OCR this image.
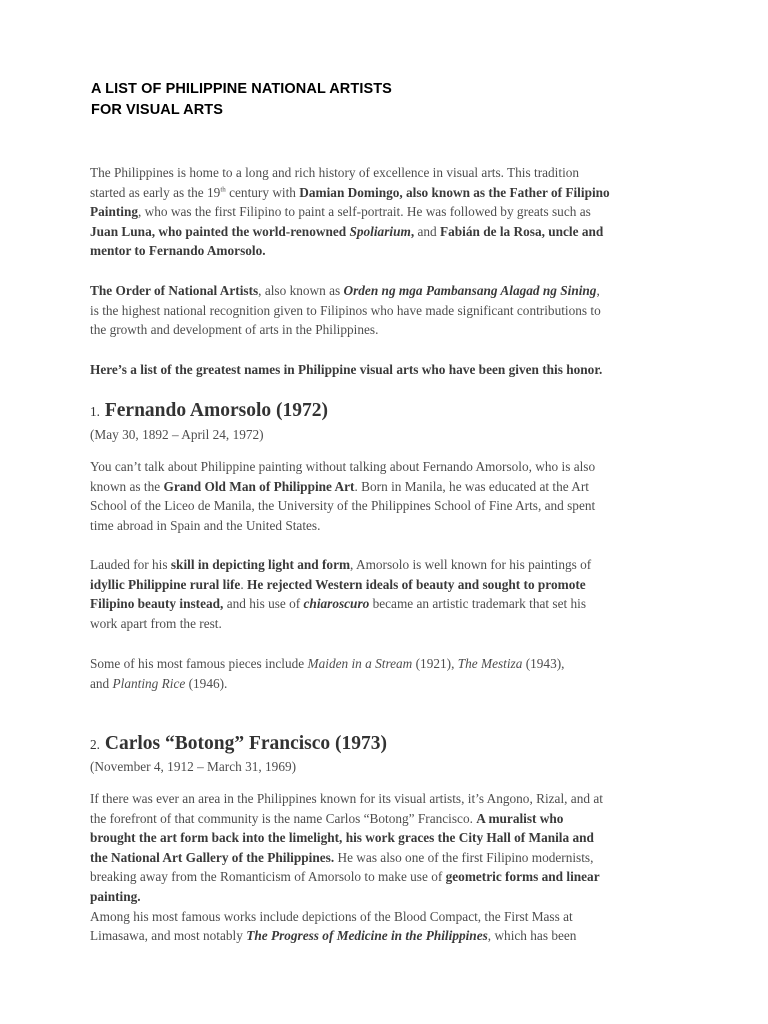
A LIST OF PHILIPPINE NATIONAL ARTISTS
FOR VISUAL ARTS
The Philippines is home to a long and rich history of excellence in visual arts. This tradition
started as early as the 19th century with Damian Domingo, also known as the Father of Filipino
Painting, who was the first Filipino to paint a self-portrait. He was followed by greats such as
Juan Luna, who painted the world-renowned Spoliarium, and Fabián de la Rosa, uncle and
mentor to Fernando Amorsolo.
The Order of National Artists, also known as Orden ng mga Pambansang Alagad ng Sining,
is the highest national recognition given to Filipinos who have made significant contributions to
the growth and development of arts in the Philippines.
Here’s a list of the greatest names in Philippine visual arts who have been given this honor.
1. Fernando Amorsolo (1972)
(May 30, 1892 – April 24, 1972)
You can’t talk about Philippine painting without talking about Fernando Amorsolo, who is also
known as the Grand Old Man of Philippine Art. Born in Manila, he was educated at the Art
School of the Liceo de Manila, the University of the Philippines School of Fine Arts, and spent
time abroad in Spain and the United States.
Lauded for his skill in depicting light and form, Amorsolo is well known for his paintings of
idyllic Philippine rural life. He rejected Western ideals of beauty and sought to promote
Filipino beauty instead, and his use of chiaroscuro became an artistic trademark that set his
work apart from the rest.
Some of his most famous pieces include Maiden in a Stream (1921), The Mestiza (1943),
and Planting Rice (1946).
2. Carlos “Botong” Francisco (1973)
(November 4, 1912 – March 31, 1969)
If there was ever an area in the Philippines known for its visual artists, it’s Angono, Rizal, and at
the forefront of that community is the name Carlos “Botong” Francisco. A muralist who
brought the art form back into the limelight, his work graces the City Hall of Manila and
the National Art Gallery of the Philippines. He was also one of the first Filipino modernists,
breaking away from the Romanticism of Amorsolo to make use of geometric forms and linear
painting.
Among his most famous works include depictions of the Blood Compact, the First Mass at
Limasawa, and most notably The Progress of Medicine in the Philippines, which has been
